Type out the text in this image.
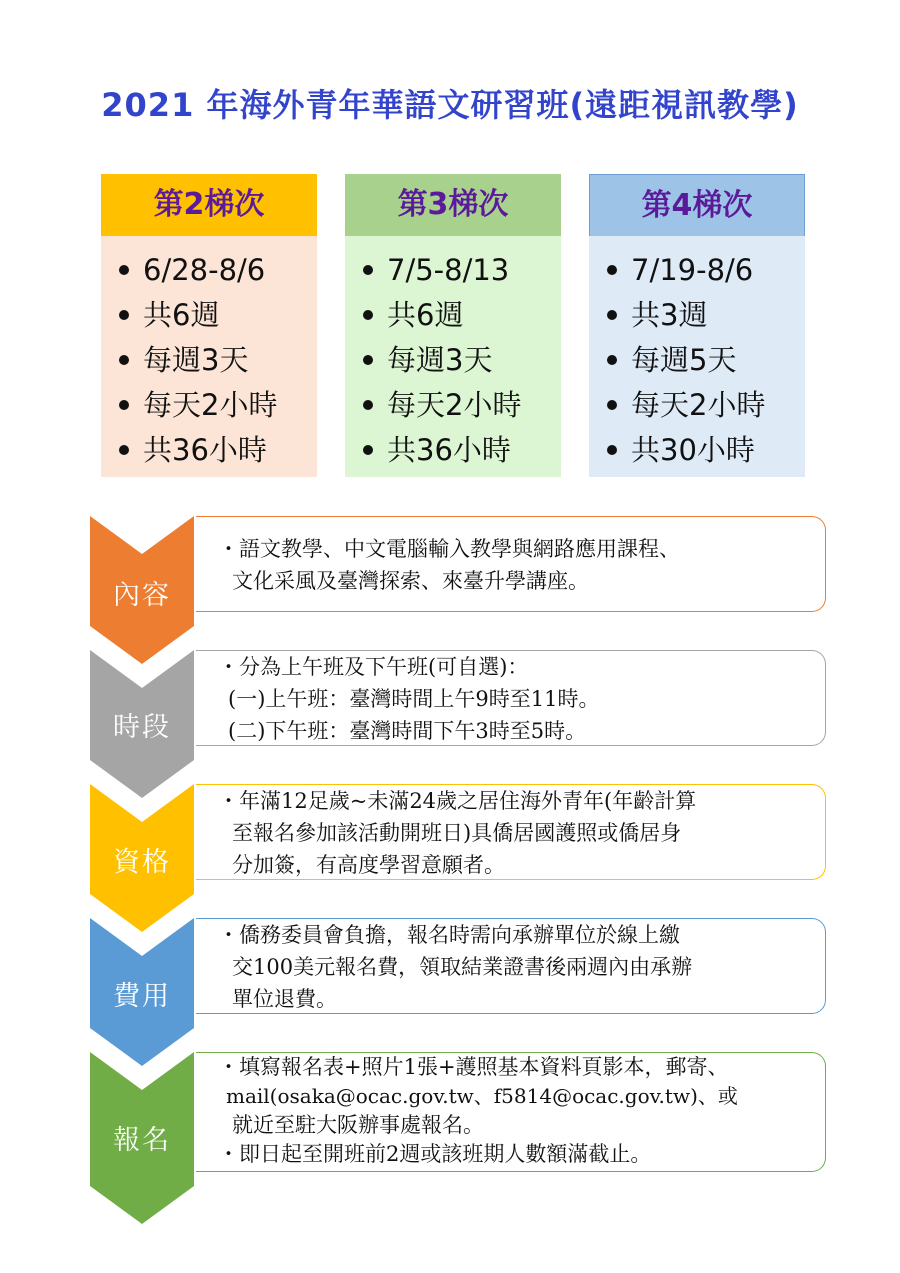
2021 年海外青年華語文研習班(遠距視訊教學)
第2梯次
6/28-8/6
共6週
每週3天
每天2小時
共36小時
第3梯次
7/5-8/13
共6週
每週3天
每天2小時
共36小時
第4梯次
7/19-8/6
共3週
每週5天
每天2小時
共30小時
內容
・語文教學、中文電腦輸入教學與網路應用課程、
文化采風及臺灣探索、來臺升學講座。
時段
・分為上午班及下午班(可自選)：
(一)上午班：臺灣時間上午9時至11時。
(二)下午班：臺灣時間下午3時至5時。
資格
・年滿12足歲~未滿24歲之居住海外青年(年齡計算
至報名參加該活動開班日)具僑居國護照或僑居身
分加簽，有高度學習意願者。
費用
・僑務委員會負擔，報名時需向承辦單位於線上繳
交100美元報名費，領取結業證書後兩週內由承辦
單位退費。
報名
・填寫報名表+照片1張+護照基本資料頁影本，郵寄、
mail(osaka@ocac.gov.tw、f5814@ocac.gov.tw)、或
就近至駐大阪辦事處報名。
・即日起至開班前2週或該班期人數額滿截止。
